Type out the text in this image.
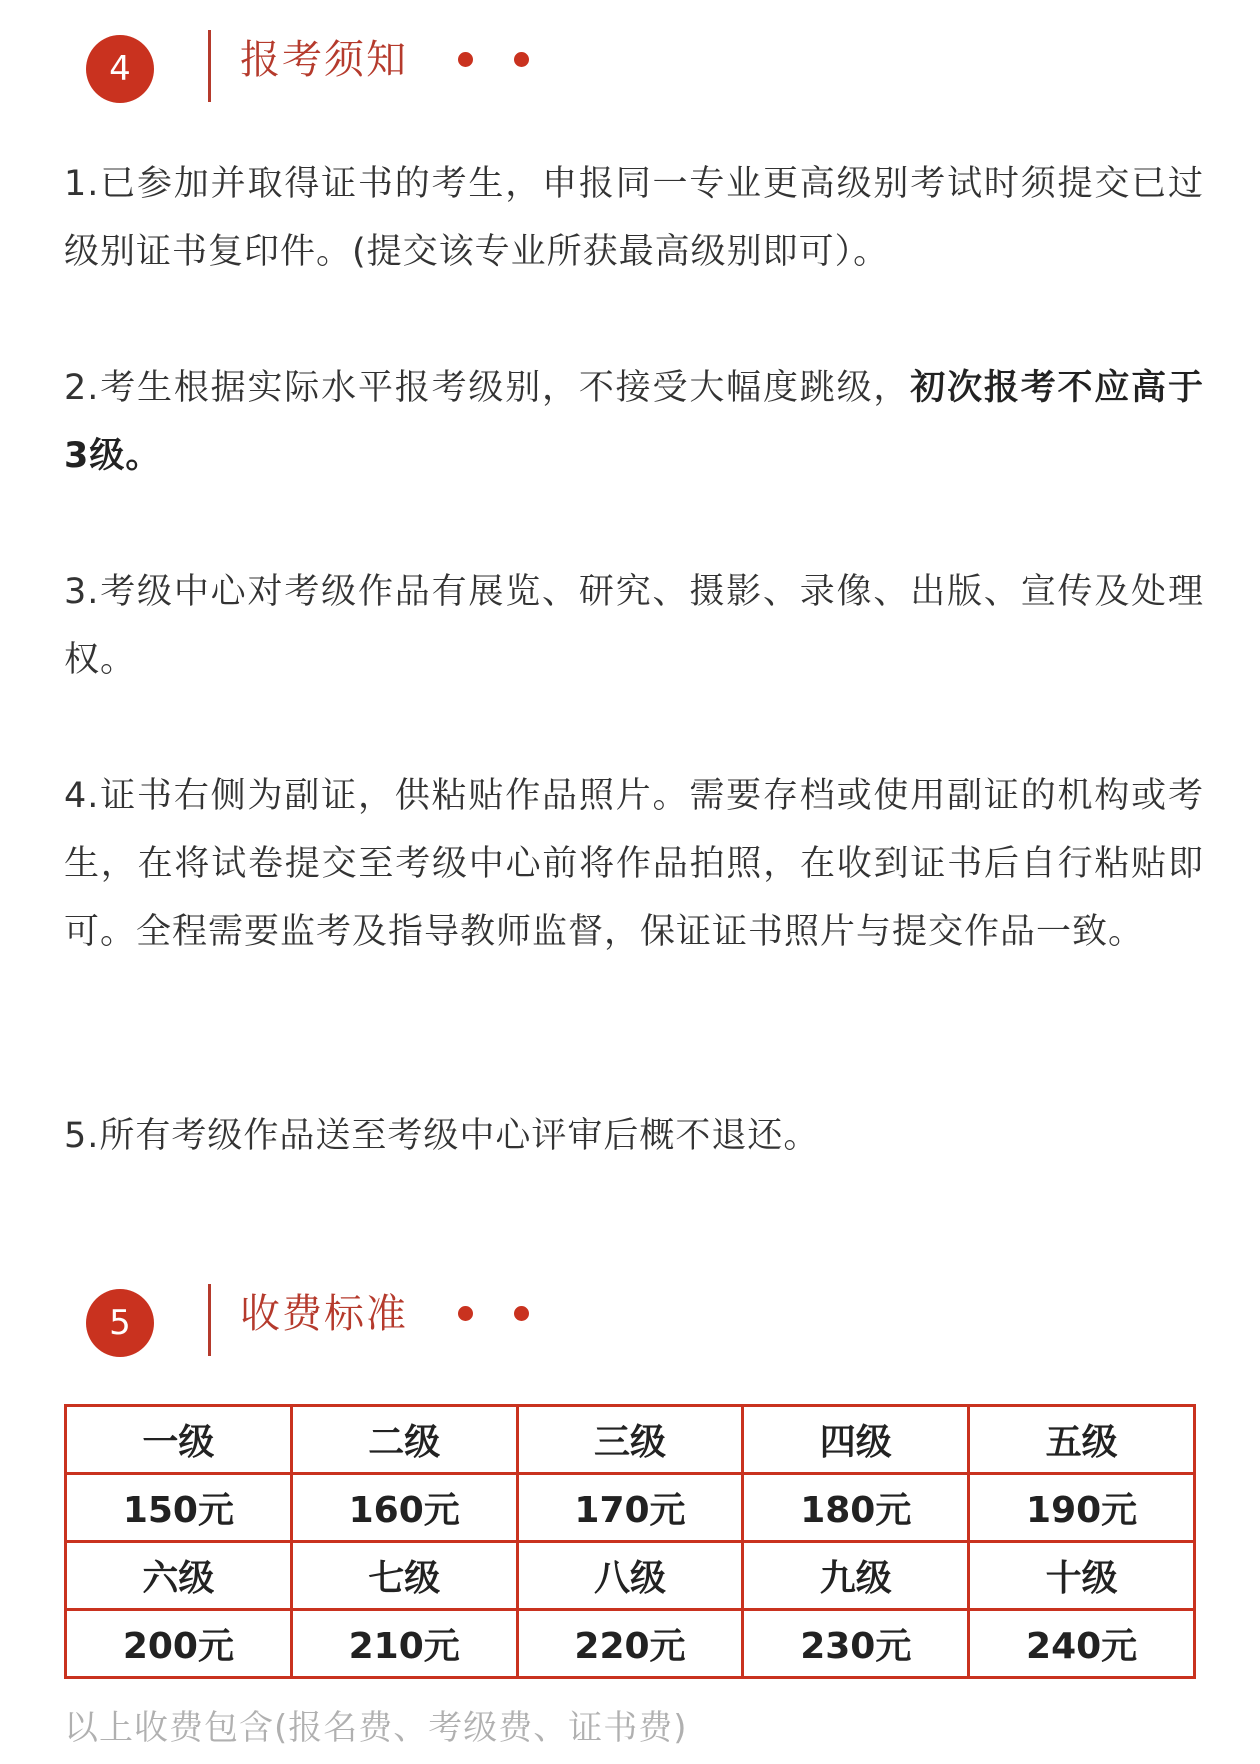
4	报考须知

1.已参加并取得证书的考生，申报同一专业更高级别考试时须提交已过级别证书复印件。(提交该专业所获最高级别即可）。

2.考生根据实际水平报考级别，不接受大幅度跳级，初次报考不应高于3级。

3.考级中心对考级作品有展览、研究、摄影、录像、出版、宣传及处理权。

4.证书右侧为副证，供粘贴作品照片。需要存档或使用副证的机构或考生，在将试卷提交至考级中心前将作品拍照，在收到证书后自行粘贴即可。全程需要监考及指导教师监督，保证证书照片与提交作品一致。

5.所有考级作品送至考级中心评审后概不退还。

5	收费标准
一级	二级	三级	四级	五级
150元	160元	170元	180元	190元
六级	七级	八级	九级	十级
200元	210元	220元	230元	240元
以上收费包含(报名费、考级费、证书费)
